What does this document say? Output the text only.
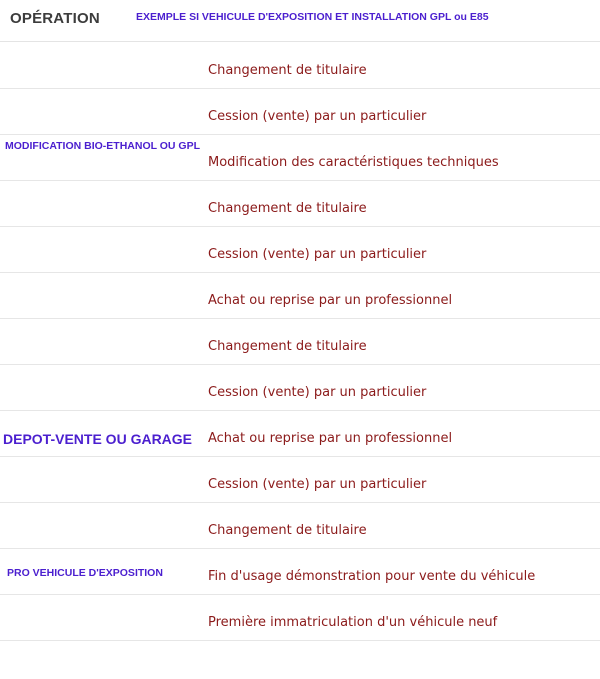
OPÉRATION	EXEMPLE SI VEHICULE D'EXPOSITION ET INSTALLATION GPL ou E85
Changement de titulaire
Cession (vente) par un particulier
Modification des caractéristiques techniques
Changement de titulaire
Cession (vente) par un particulier
Achat ou reprise par un professionnel
Changement de titulaire
Cession (vente) par un particulier
Achat ou reprise par un professionnel
Cession (vente) par un particulier
Changement de titulaire
Fin d'usage démonstration pour vente du véhicule
Première immatriculation d'un véhicule neuf
MODIFICATION BIO-ETHANOL OU GPL
DEPOT-VENTE OU GARAGE
PRO VEHICULE D'EXPOSITION
